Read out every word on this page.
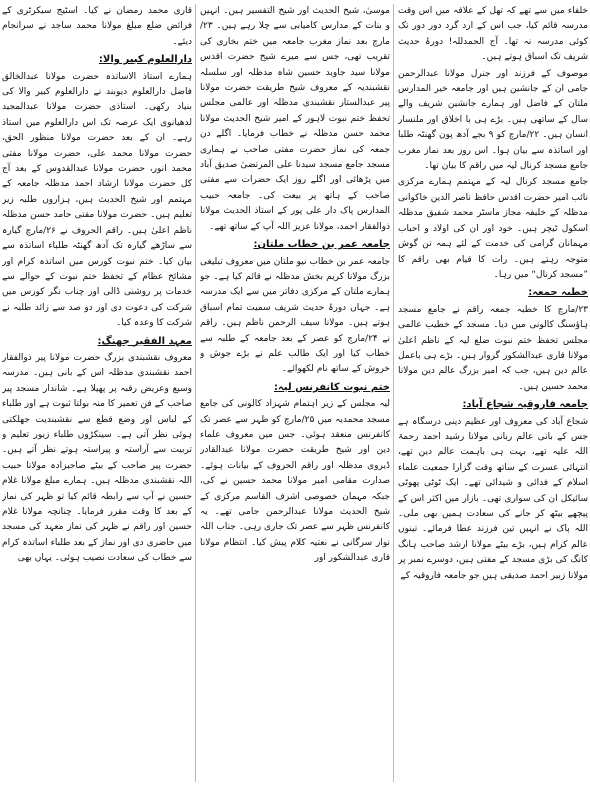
خلفاء میں سے تھے کہ تھل کے علاقہ میں اس وقت مدرسہ قائم کیا، جب اس کے ارد گرد دور دور تک کوئی مدرسہ نہ تھا۔ آج الحمدللہ! دورۂ حدیث شریف تک اسباق ہوتے ہیں۔

موصوف کے فرزند اور جنرل مولانا عبدالرحمن جامی ان کے جانشین ہیں اور جامعہ خیر المدارس ملتان کے فاضل اور ہمارے جانشین شریف والے سال کے ساتھی ہیں۔ بڑے ہی با اخلاق اور ملنسار انسان ہیں۔ ۲۲/مارچ کو ۹ بجے آدھ پون گھنٹہ طلبا اور اساتذہ سے بیان ہوا۔ اس روز بعد نماز مغرب جامع مسجد کرنال لیہ میں راقم کا بیان تھا۔

جامع مسجد کرنال لیہ کے مہتمم ہمارے مرکزی نائب امیر حضرت اقدس حافظ ناصر الدین خاکوانی مدظلہ کے خلیفہ مجاز ماسٹر محمد شفیق مدظلہ اسکول ٹیچر ہیں۔ خود اور ان کی اولاد و احباب مہمانان گرامی کی خدمت کے لئے ہمہ تن گوش متوجہ رہتے ہیں۔ رات کا قیام بھی راقم کا ”مسجد کرنال“ میں رہا۔

خطبہ جمعہ:

۲۳/مارچ کا خطبہ جمعہ راقم نے جامع مسجد ہاؤسنگ کالونی میں دیا۔ مسجد کے خطیب عالمی مجلس تحفظ ختم نبوت ضلع لیہ کے ناظم اعلیٰ مولانا قاری عبدالشکور گروار ہیں۔ بڑے ہی باعمل عالم دین ہیں، جب کہ امیر بزرگ عالم دین مولانا محمد حسین ہیں۔

جامعہ فاروقیہ شجاع آباد:

شجاع آباد کی معروف اور عظیم دینی درسگاہ ہے جس کے بانی عالم ربانی مولانا رشید احمد رحمۃ اللہ علیہ تھے، بہت ہی باہمت عالم دین تھے، انتہائی عسرت کے ساتھ وقت گزارا جمعیت علماء اسلام کے فدائی و شیدائی تھے۔ ایک ٹوٹی پھوٹی سائیکل ان کی سواری تھی۔ بازار میں اکثر اس کے پیچھے بیٹھ کر جانے کی سعادت ہمیں بھی ملی۔ اللہ پاک نے انہیں تین فرزند عطا فرمائے۔ تینوں عالم کرام ہیں، بڑے بیٹے مولانا ارشد صاحب ہانگ کانگ کی بڑی مسجد کے مفتی ہیں، دوسرے نمبر پر مولانا زبیر احمد صدیقی ہیں جو جامعہ فاروقیہ کے

موسیٰ، شیخ الحدیث اور شیخ التفسیر ہیں۔ انہیں و بنات کے مدارس کامیابی سے چلا رہے ہیں۔ ۲۳/مارچ بعد نماز مغرب جامعہ میں ختم بخاری کی تقریب تھی، جس سے میرے شیخ حضرت اقدس مولانا سید جاوید حسین شاہ مدظلہ اور سلسلہ نقشبندیہ کے معروف شیخ طریقت حضرت مولانا پیر عبدالستار نقشبندی مدظلہ اور عالمی مجلس تحفظ ختم نبوت لاہور کے امیر شیخ الحدیث مولانا محمد حسن مدظلہ نے خطاب فرمایا۔ اگلے دن جمعہ کی نماز حضرت مفتی صاحب نے ہماری مسجد جامع مسجد سیدنا علی المرتضیٰ صدیق آباد میں پڑھائی اور اگلے روز ایک حضرات سے مفتی صاحب کے ہاتھ پر بیعت کی۔ جامعہ حبیب المدارس پاک دار علی پور کے استاذ الحدیث مولانا ذوالفقار احمد، مولانا عزیز اللہ آپ کے ساتھ تھے۔

جامعہ عمر بن خطاب ملتان:

جامعہ عمر بن خطاب نیو ملتان میں معروف تبلیغی بزرگ مولانا کریم بخش مدظلہ نے قائم کیا ہے۔ جو ہمارے ملتان کے مرکزی دفاتر میں سے ایک مدرسہ ہے۔ جہاں دورۂ حدیث شریف سمیت تمام اسباق ہوتے ہیں۔ مولانا سیف الرحمن ناظم ہیں۔ راقم نے ۲۴/مارچ کو عصر کے بعد جامعہ کے طلبہ سے خطاب کیا اور ایک طالب علم نے بڑے جوش و خروش کے ساتھ نام لکھوائے۔

ختم نبوت کانفرنس لیہ:

لیہ مجلس کے زیر اہتمام شہزاد کالونی کی جامع مسجد محمدیہ میں ۲۵/مارچ کو ظہر سے عصر تک کانفرنس منعقد ہوئی۔ جس میں معروف علماء دین اور شیخ طریقت حضرت مولانا عبدالقادر ڈیروی مدظلہ اور راقم الحروف کے بیانات ہوئے۔ صدارت مقامی امیر مولانا محمد حسین نے کی، جبکہ مہمان خصوصی اشرف القاسم مرکزی کے شیخ الحدیث مولانا عبدالرحمن جامی تھے۔ یہ کانفرنس ظہر سے عصر تک جاری رہی۔ جناب اللہ نواز سرگانی نے نعتیہ کلام پیش کیا۔ انتظام مولانا قاری عبدالشکور اور

قاری محمد رمضان نے کیا۔ اسٹیج سیکرٹری کے فرائض ضلع مبلغ مولانا محمد ساجد نے سرانجام دیئے۔

دارالعلوم کبیر والا:

ہمارے استاذ الاساتذہ حضرت مولانا عبدالخالق فاضل دارالعلوم دیوبند نے دارالعلوم کبیر والا کی بنیاد رکھی۔ استاذی حضرت مولانا عبدالمجید لدھیانوی ایک عرصہ تک اس دارالعلوم میں استاذ رہے۔ ان کے بعد حضرت مولانا منظور الحق، حضرت مولانا محمد علی، حضرت مولانا مفتی محمد انور، حضرت مولانا عبدالقدوس کے بعد آج کل حضرت مولانا ارشاد احمد مدظلہ جامعہ کے مہتمم اور شیخ الحدیث ہیں، ہزاروں طلبہ زیر تعلیم ہیں۔ حضرت مولانا مفتی حامد حسن مدظلہ ناظم اعلیٰ ہیں۔ راقم الحروف نے ۲۶/مارچ گیارہ سے ساڑھے گیارہ تک آدھ گھنٹہ طلباء اساتذہ سے بیان کیا۔ ختم نبوت کورس میں اساتذہ کرام اور مشائخ عظام کے تحفظ ختم نبوت کے حوالے سے خدمات پر روشنی ڈالی اور چناب نگر کورس میں شرکت کی دعوت دی اور دو صد سے زائد طلبہ نے شرکت کا وعدہ کیا۔

معہد الفقیر جھنگ:

معروف نقشبندی بزرگ حضرت مولانا پیر ذوالفقار احمد نقشبندی مدظلہ اس کے بانی ہیں۔ مدرسہ وسیع وعریض رقبہ پر پھیلا ہے۔ شاندار مسجد پیر صاحب کے فن تعمیر کا منہ بولتا ثبوت ہے اور طلباء کے لباس اور وضع قطع سے نقشبندیت جھلکتی ہوئی نظر آتی ہے۔ سینکڑوں طلباء زیور تعلیم و تربیت سے آراستہ و پیراستہ ہوتے نظر آتے ہیں۔ حضرت پیر صاحب کے بیٹے صاحبزادہ مولانا حبیب اللہ نقشبندی مدظلہ ہیں۔ ہمارے مبلغ مولانا غلام حسین نے آپ سے رابطہ قائم کیا تو ظہر کی نماز کے بعد کا وقت مقرر فرمایا۔ چنانچہ مولانا غلام حسین اور راقم نے ظہر کی نماز معہد کی مسجد میں حاضری دی اور نماز کے بعد طلباء اساتذہ کرام سے خطاب کی سعادت نصیب ہوئی۔ یہاں بھی
